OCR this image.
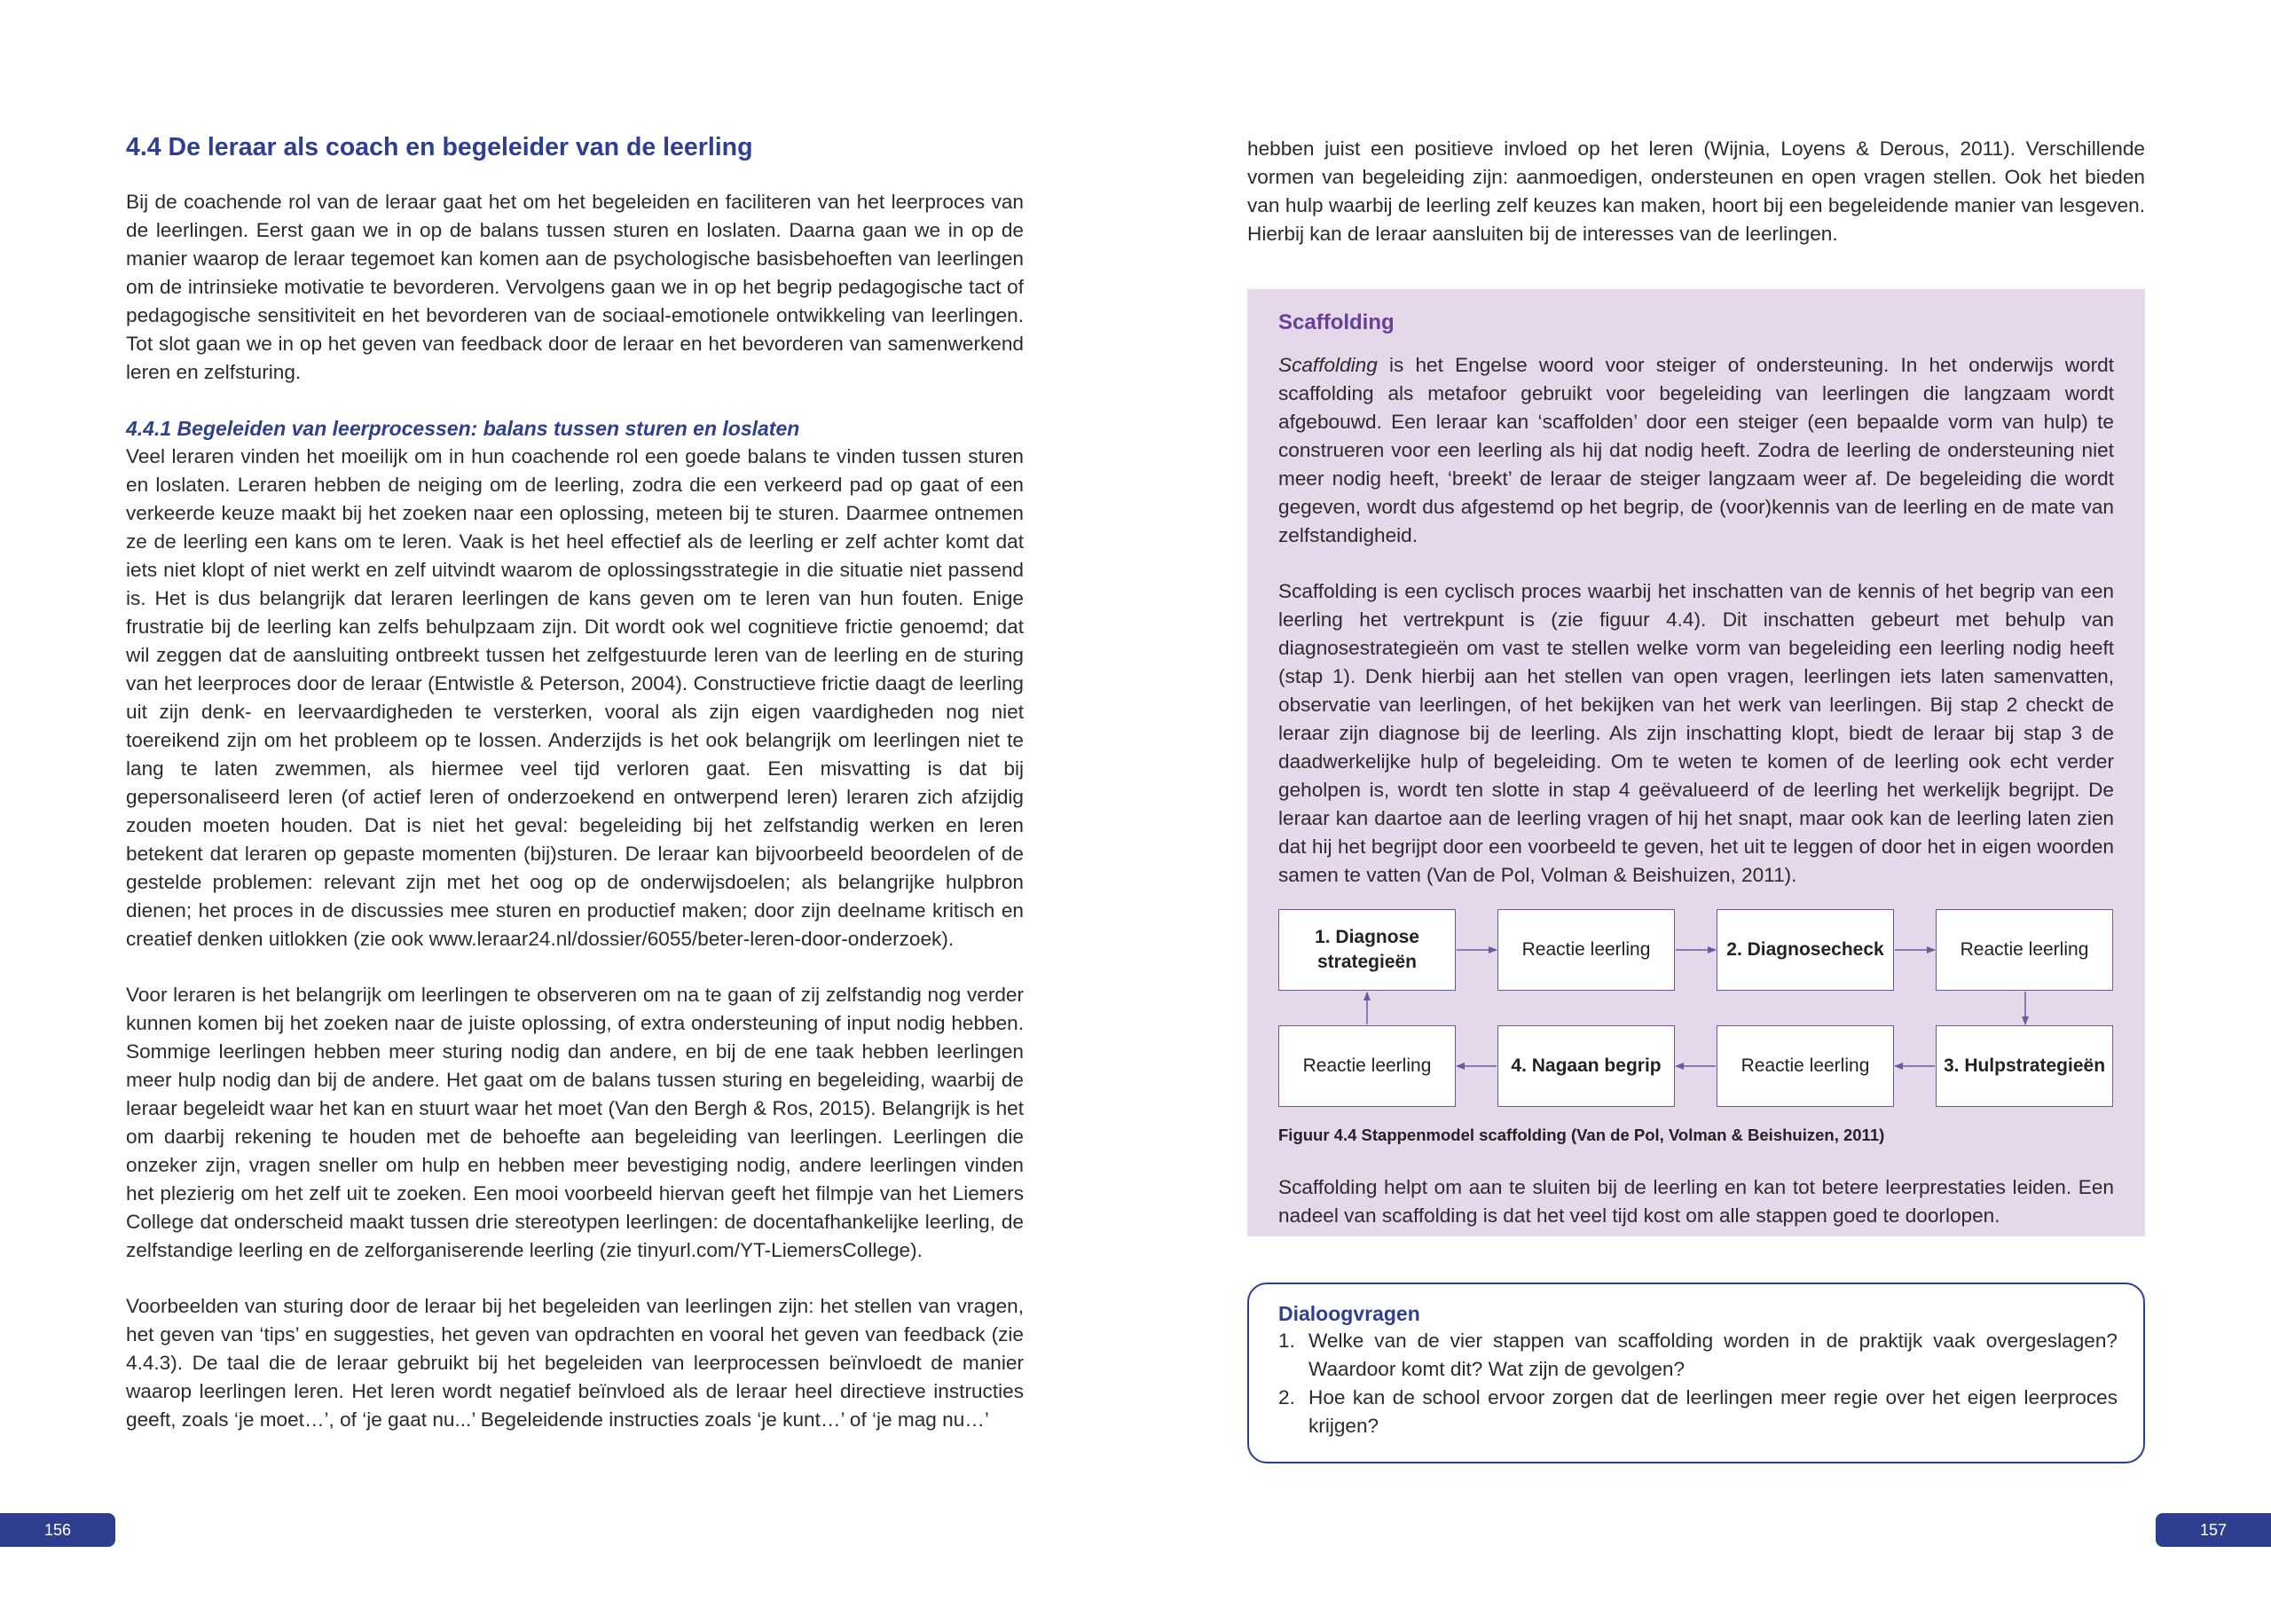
4.4 De leraar als coach en begeleider van de leerling

Bij de coachende rol van de leraar gaat het om het begeleiden en faciliteren van het leerproces van de leerlingen. Eerst gaan we in op de balans tussen sturen en loslaten. Daarna gaan we in op de manier waarop de leraar tegemoet kan komen aan de psychologische basisbehoeften van leerlingen om de intrinsieke motivatie te bevorderen. Vervolgens gaan we in op het begrip pedagogische tact of pedagogische sensitiviteit en het bevorderen van de sociaal-emotionele ontwikkeling van leerlingen. Tot slot gaan we in op het geven van feedback door de leraar en het bevorderen van samenwerkend leren en zelfsturing.

4.4.1 Begeleiden van leerprocessen: balans tussen sturen en loslaten

Veel leraren vinden het moeilijk om in hun coachende rol een goede balans te vinden tussen sturen en loslaten. Leraren hebben de neiging om de leerling, zodra die een verkeerd pad op gaat of een verkeerde keuze maakt bij het zoeken naar een oplossing, meteen bij te sturen. Daarmee ontnemen ze de leerling een kans om te leren. Vaak is het heel effectief als de leerling er zelf achter komt dat iets niet klopt of niet werkt en zelf uitvindt waarom de oplossingsstrategie in die situatie niet passend is. Het is dus belangrijk dat leraren leerlingen de kans geven om te leren van hun fouten. Enige frustratie bij de leerling kan zelfs behulpzaam zijn. Dit wordt ook wel cognitieve frictie genoemd; dat wil zeggen dat de aansluiting ontbreekt tussen het zelfgestuurde leren van de leerling en de sturing van het leerproces door de leraar (Entwistle & Peterson, 2004). Constructieve frictie daagt de leerling uit zijn denk- en leervaardigheden te versterken, vooral als zijn eigen vaardigheden nog niet toereikend zijn om het probleem op te lossen. Anderzijds is het ook belangrijk om leerlingen niet te lang te laten zwemmen, als hiermee veel tijd verloren gaat. Een misvatting is dat bij gepersonaliseerd leren (of actief leren of onderzoekend en ontwerpend leren) leraren zich afzijdig zouden moeten houden. Dat is niet het geval: begeleiding bij het zelfstandig werken en leren betekent dat leraren op gepaste momenten (bij)sturen. De leraar kan bijvoorbeeld beoordelen of de gestelde problemen: relevant zijn met het oog op de onderwijsdoelen; als belangrijke hulpbron dienen; het proces in de discussies mee sturen en productief maken; door zijn deelname kritisch en creatief denken uitlokken (zie ook www.leraar24.nl/dossier/6055/beter-leren-door-onderzoek).

Voor leraren is het belangrijk om leerlingen te observeren om na te gaan of zij zelfstandig nog verder kunnen komen bij het zoeken naar de juiste oplossing, of extra ondersteuning of input nodig hebben. Sommige leerlingen hebben meer sturing nodig dan andere, en bij de ene taak hebben leerlingen meer hulp nodig dan bij de andere. Het gaat om de balans tussen sturing en begeleiding, waarbij de leraar begeleidt waar het kan en stuurt waar het moet (Van den Bergh & Ros, 2015). Belangrijk is het om daarbij rekening te houden met de behoefte aan begeleiding van leerlingen. Leerlingen die onzeker zijn, vragen sneller om hulp en hebben meer bevestiging nodig, andere leerlingen vinden het plezierig om het zelf uit te zoeken. Een mooi voorbeeld hiervan geeft het filmpje van het Liemers College dat onderscheid maakt tussen drie stereotypen leerlingen: de docentafhankelijke leerling, de zelfstandige leerling en de zelforganiserende leerling (zie tinyurl.com/YT-LiemersCollege).

Voorbeelden van sturing door de leraar bij het begeleiden van leerlingen zijn: het stellen van vragen, het geven van ‘tips’ en suggesties, het geven van opdrachten en vooral het geven van feedback (zie 4.4.3). De taal die de leraar gebruikt bij het begeleiden van leerprocessen beïnvloedt de manier waarop leerlingen leren. Het leren wordt negatief beïnvloed als de leraar heel directieve instructies geeft, zoals ‘je moet…’, of ‘je gaat nu...’ Begeleidende instructies zoals ‘je kunt…’ of ‘je mag nu…’

156

hebben juist een positieve invloed op het leren (Wijnia, Loyens & Derous, 2011). Verschillende vormen van begeleiding zijn: aanmoedigen, ondersteunen en open vragen stellen. Ook het bieden van hulp waarbij de leerling zelf keuzes kan maken, hoort bij een begeleidende manier van lesgeven. Hierbij kan de leraar aansluiten bij de interesses van de leerlingen.

Scaffolding

Scaffolding is het Engelse woord voor steiger of ondersteuning. In het onderwijs wordt scaffolding als metafoor gebruikt voor begeleiding van leerlingen die langzaam wordt afgebouwd. Een leraar kan ‘scaffolden’ door een steiger (een bepaalde vorm van hulp) te construeren voor een leerling als hij dat nodig heeft. Zodra de leerling de ondersteuning niet meer nodig heeft, ‘breekt’ de leraar de steiger langzaam weer af. De begeleiding die wordt gegeven, wordt dus afgestemd op het begrip, de (voor)kennis van de leerling en de mate van zelfstandigheid.

Scaffolding is een cyclisch proces waarbij het inschatten van de kennis of het begrip van een leerling het vertrekpunt is (zie figuur 4.4). Dit inschatten gebeurt met behulp van diagnosestrategieën om vast te stellen welke vorm van begeleiding een leerling nodig heeft (stap 1). Denk hierbij aan het stellen van open vragen, leerlingen iets laten samenvatten, observatie van leerlingen, of het bekijken van het werk van leerlingen. Bij stap 2 checkt de leraar zijn diagnose bij de leerling. Als zijn inschatting klopt, biedt de leraar bij stap 3 de daadwerkelijke hulp of begeleiding. Om te weten te komen of de leerling ook echt verder geholpen is, wordt ten slotte in stap 4 geëvalueerd of de leerling het werkelijk begrijpt. De leraar kan daartoe aan de leerling vragen of hij het snapt, maar ook kan de leerling laten zien dat hij het begrijpt door een voorbeeld te geven, het uit te leggen of door het in eigen woorden samen te vatten (Van de Pol, Volman & Beishuizen, 2011).

1. Diagnose strategieën
Reactie leerling	2. Diagnosecheck	Reactie leerling
Reactie leerling	4. Nagaan begrip	Reactie leerling	3. Hulpstrategieën
Figuur 4.4 Stappenmodel scaffolding (Van de Pol, Volman & Beishuizen, 2011)

Scaffolding helpt om aan te sluiten bij de leerling en kan tot betere leerprestaties leiden. Een nadeel van scaffolding is dat het veel tijd kost om alle stappen goed te doorlopen.

Dialoogvragen
1. Welke van de vier stappen van scaffolding worden in de praktijk vaak overgeslagen? Waardoor komt dit? Wat zijn de gevolgen?
2. Hoe kan de school ervoor zorgen dat de leerlingen meer regie over het eigen leerproces krijgen?
157
